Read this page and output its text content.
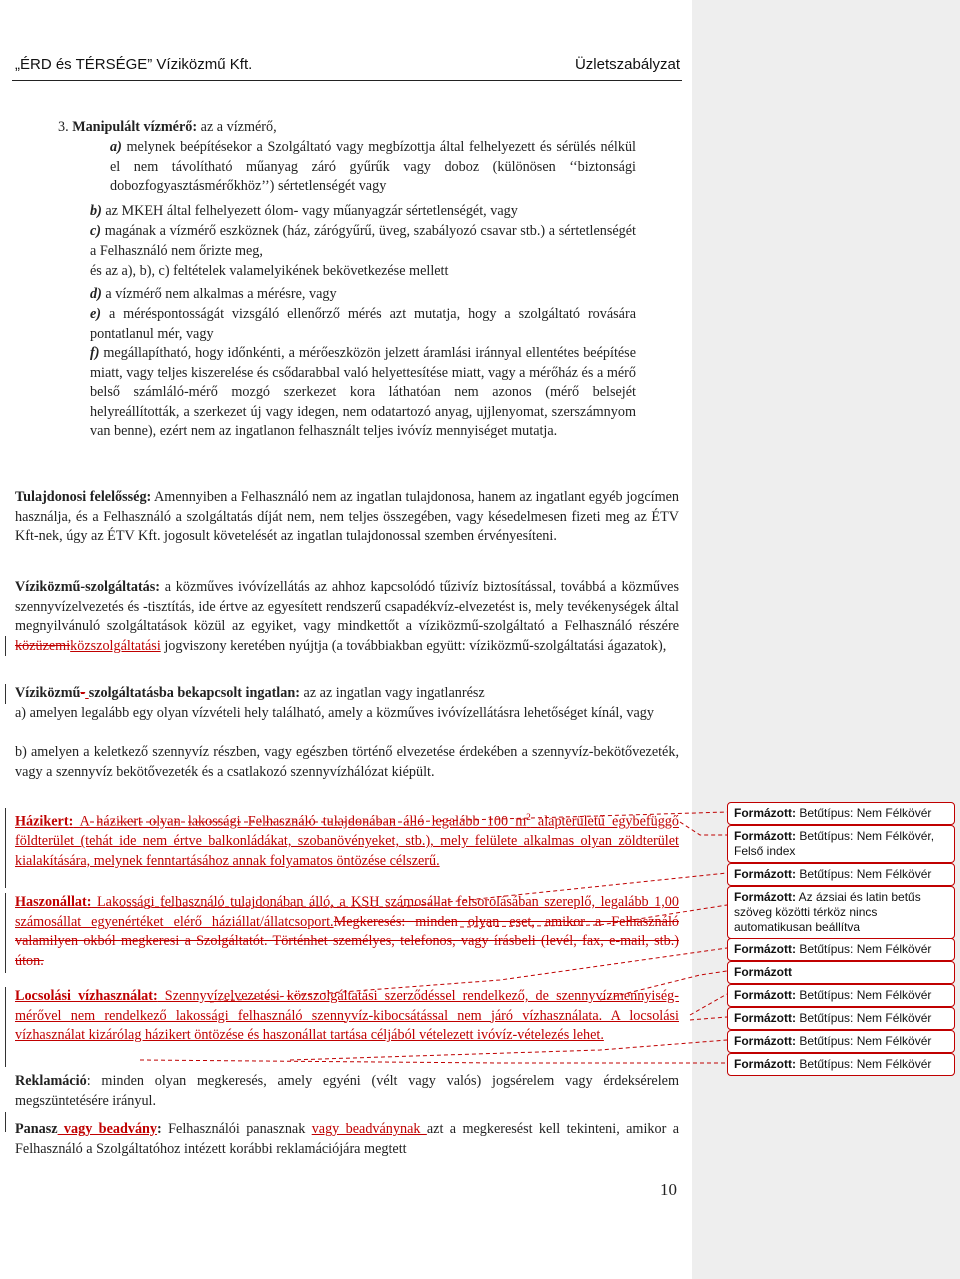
„ÉRD és TÉRSÉGE” Víziközmű Kft.	Üzletszabályzat

3. Manipulált vízmérő: az a vízmérő,

a) melynek beépítésekor a Szolgáltató vagy megbízottja által felhelyezett és sérülés nélkül el nem távolítható műanyag záró gyűrűk vagy doboz (különösen ‘‘biztonsági dobozfogyasztásmérőkhöz’’) sértetlenségét vagy

b) az MKEH által felhelyezett ólom- vagy műanyagzár sértetlenségét, vagy

c) magának a vízmérő eszköznek (ház, zárógyűrű, üveg, szabályozó csavar stb.) a sértetlenségét a Felhasználó nem őrizte meg,

és az a), b), c) feltételek valamelyikének bekövetkezése mellett

d) a vízmérő nem alkalmas a mérésre, vagy

e) a méréspontosságát vizsgáló ellenőrző mérés azt mutatja, hogy a szolgáltató rovására pontatlanul mér, vagy

f) megállapítható, hogy időnkénti, a mérőeszközön jelzett áramlási iránnyal ellentétes beépítése miatt, vagy teljes kiszerelése és csődarabbal való helyettesítése miatt, vagy a mérőház és a mérő belső számláló-mérő mozgó szerkezet kora láthatóan nem azonos (mérő belsejét helyreállították, a szerkezet új vagy idegen, nem odatartozó anyag, ujjlenyomat, szerszámnyom van benne), ezért nem az ingatlanon felhasznált teljes ivóvíz mennyiséget mutatja.

Tulajdonosi felelősség: Amennyiben a Felhasználó nem az ingatlan tulajdonosa, hanem az ingatlant egyéb jogcímen használja, és a Felhasználó a szolgáltatás díját nem, nem teljes összegében, vagy késedelmesen fizeti meg az ÉTV Kft-nek, úgy az ÉTV Kft. jogosult követelését az ingatlan tulajdonossal szemben érvényesíteni.

Víziközmű-szolgáltatás: a közműves ivóvízellátás az ahhoz kapcsolódó tűzivíz biztosítással, továbbá a közműves szennyvízelvezetés és -tisztítás, ide értve az egyesített rendszerű csapadékvíz-elvezetést is, mely tevékenységek által megnyilvánuló szolgáltatások közül az egyiket, vagy mindkettőt a víziközmű-szolgáltató a Felhasználó részére közüzemiközszolgáltatási jogviszony keretében nyújtja (a továbbiakban együtt: víziközmű-szolgáltatási ágazatok),

Víziközmű- szolgáltatásba bekapcsolt ingatlan: az az ingatlan vagy ingatlanrész

a) amelyen legalább egy olyan vízvételi hely található, amely a közműves ivóvízellátásra lehetőséget kínál, vagy

b) amelyen a keletkező szennyvíz részben, vagy egészben történő elvezetése érdekében a szennyvíz-bekötővezeték, vagy a szennyvíz bekötővezeték és a csatlakozó szennyvízhálózat kiépült.

Házikert: A házikert olyan lakossági Felhasználó tulajdonában álló legalább 100 $m^2$ alapterületű egybefüggő földterület (tehát ide nem értve balkonládákat, szobanövényeket, stb.), mely felülete alkalmas olyan zöldterület kialakítására, melynek fenntartásához annak folyamatos öntözése célszerű.

Haszonállat: Lakossági felhasználó tulajdonában álló, a KSH számosállat felsorolásában szereplő, legalább 1,00 számosállat egyenértéket elérő háziállat/állatcsoport.Megkeresés: minden olyan eset, amikor a Felhasználó valamilyen okból megkeresi a Szolgáltatót. Történhet személyes, telefonos, vagy írásbeli (levél, fax, e-mail, stb.) úton.

Locsolási vízhasználat: Szennyvízelvezetési közszolgáltatási szerződéssel rendelkező, de szennyvízmennyiség-mérővel nem rendelkező lakossági felhasználó szennyvíz-kibocsátással nem járó vízhasználata. A locsolási vízhasználat kizárólag házikert öntözése és haszonállat tartása céljából vételezett ivóvíz-vételezés lehet.

Reklamáció: minden olyan megkeresés, amely egyéni (vélt vagy valós) jogsérelem vagy érdeksérelem megszüntetésére irányul.

Panasz vagy beadvány: Felhasználói panasznak vagy beadványnak azt a megkeresést kell tekinteni, amikor a Felhasználó a Szolgáltatóhoz intézett korábbi reklamációjára megtett

10
Formázott: Betűtípus: Nem Félkövér
Formázott: Betűtípus: Nem Félkövér, Felső index
Formázott: Betűtípus: Nem Félkövér
Formázott: Az ázsiai és latin betűs szöveg közötti térköz nincs automatikusan beállítva
Formázott: Betűtípus: Nem Félkövér
Formázott
Formázott: Betűtípus: Nem Félkövér
Formázott: Betűtípus: Nem Félkövér
Formázott: Betűtípus: Nem Félkövér
Formázott: Betűtípus: Nem Félkövér
